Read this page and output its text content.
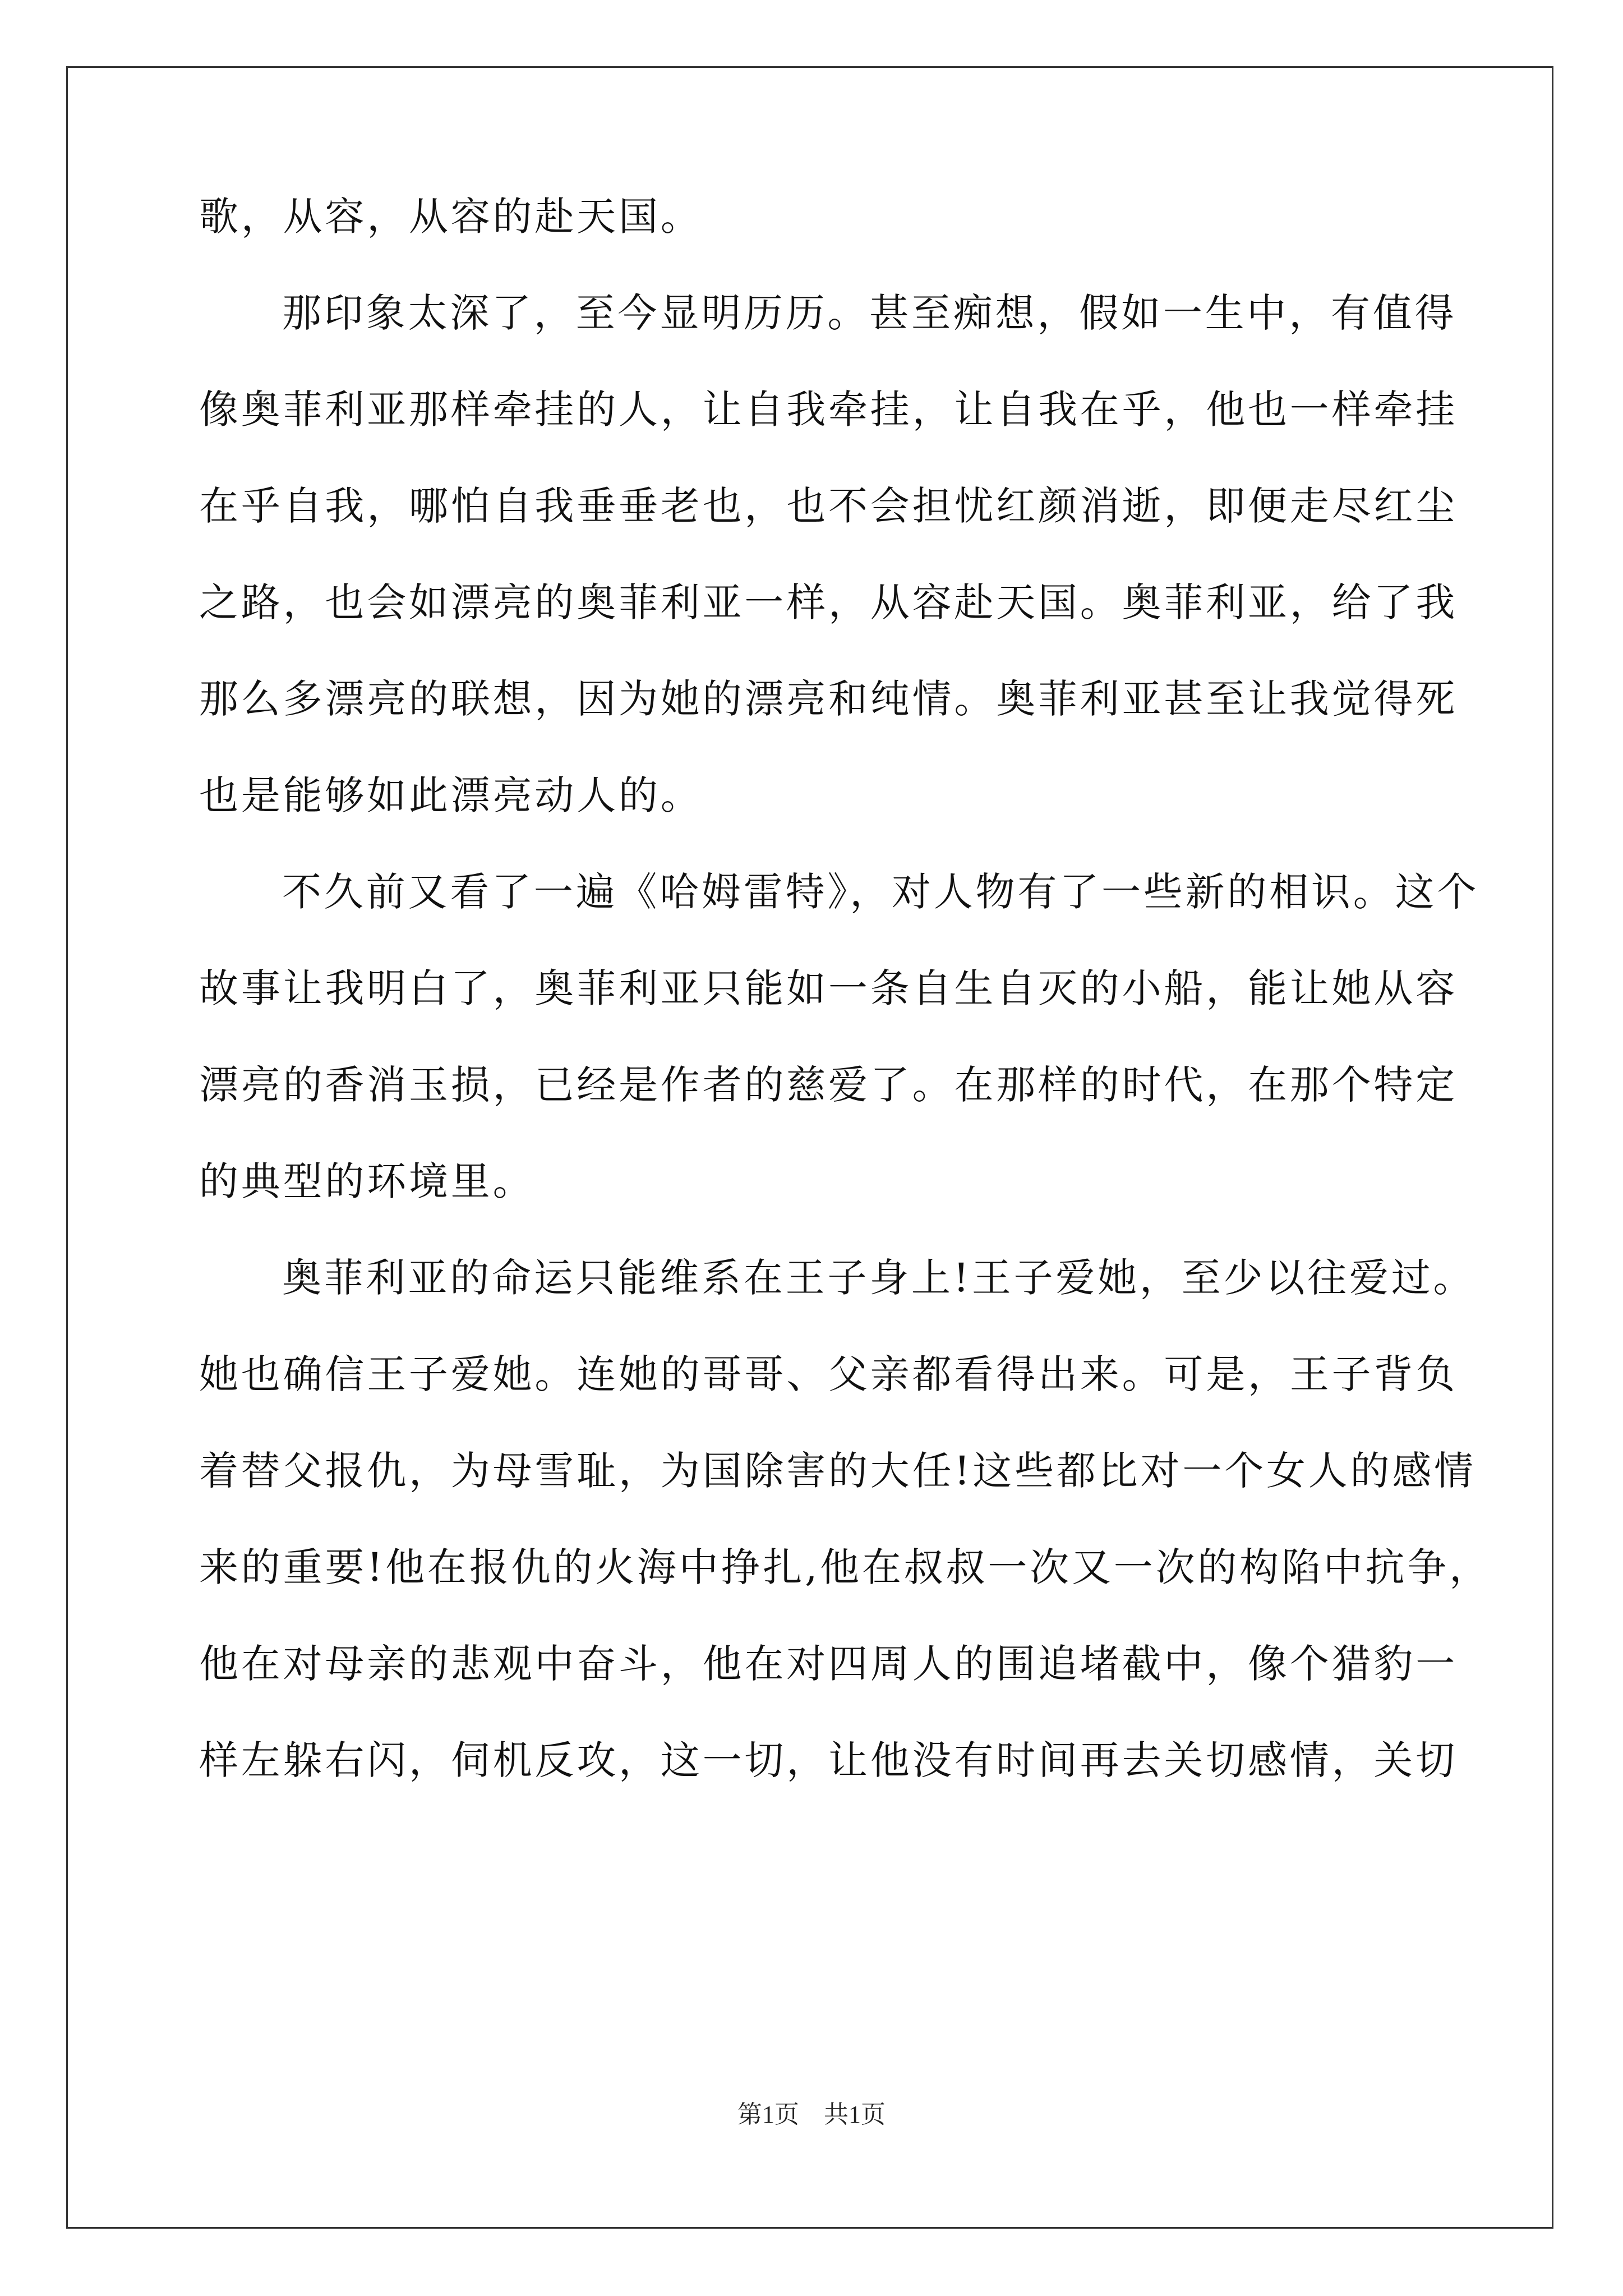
歌，从容，从容的赴天国。
那印象太深了，至今显明历历。甚至痴想，假如一生中，有值得
像奥菲利亚那样牵挂的人，让自我牵挂，让自我在乎，他也一样牵挂
在乎自我，哪怕自我垂垂老也，也不会担忧红颜消逝，即便走尽红尘
之路，也会如漂亮的奥菲利亚一样，从容赴天国。奥菲利亚，给了我
那么多漂亮的联想，因为她的漂亮和纯情。奥菲利亚甚至让我觉得死
也是能够如此漂亮动人的。
不久前又看了一遍《哈姆雷特》，对人物有了一些新的相识。这个
故事让我明白了，奥菲利亚只能如一条自生自灭的小船，能让她从容
漂亮的香消玉损，已经是作者的慈爱了。在那样的时代，在那个特定
的典型的环境里。
奥菲利亚的命运只能维系在王子身上!王子爱她，至少以往爱过。
她也确信王子爱她。连她的哥哥、父亲都看得出来。可是，王子背负
着替父报仇，为母雪耻，为国除害的大任!这些都比对一个女人的感情
来的重要!他在报仇的火海中挣扎,他在叔叔一次又一次的构陷中抗争，
他在对母亲的悲观中奋斗，他在对四周人的围追堵截中，像个猎豹一
样左躲右闪，伺机反攻，这一切，让他没有时间再去关切感情，关切
第1页　共1页
